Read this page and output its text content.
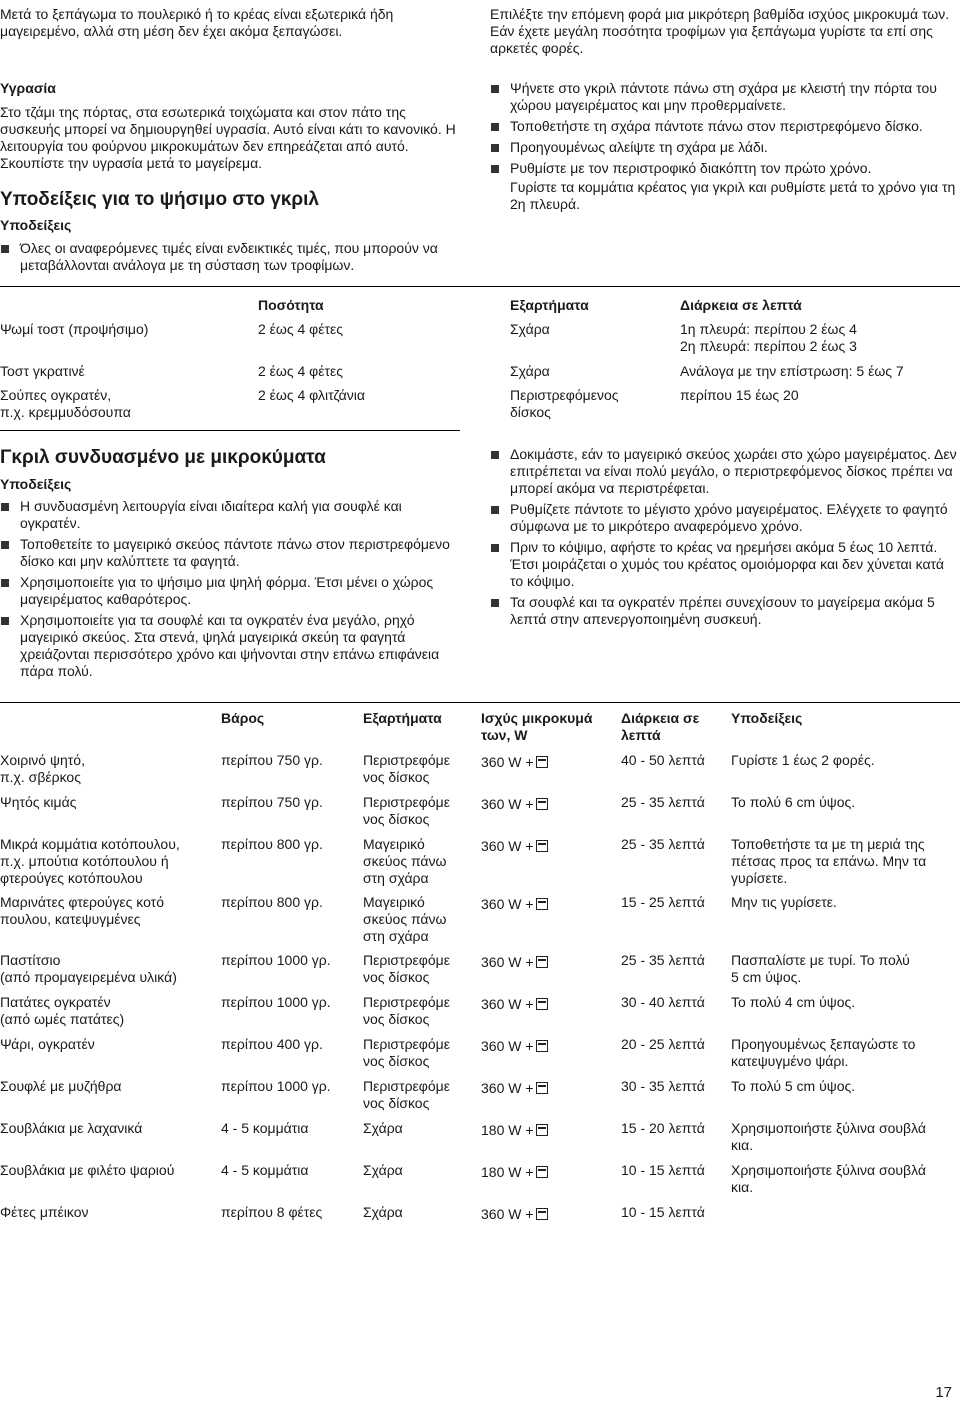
Μετά το ξεπάγωμα το πουλερικό ή το κρέας είναι εξωτερικά ήδη μαγειρεμένο, αλλά στη μέση δεν έχει ακόμα ξεπαγώσει.

Επιλέξτε την επόμενη φορά μια μικρότερη βαθμίδα ισχύος μικροκυμά των. Εάν έχετε μεγάλη ποσότητα τροφίμων για ξεπάγωμα γυρίστε τα επί σης αρκετές φορές.

Υγρασία

Στο τζάμι της πόρτας, στα εσωτερικά τοιχώματα και στον πάτο της συσκευής μπορεί να δημιουργηθεί υγρασία. Αυτό είναι κάτι το κανονικό. Η λειτουργία του φούρνου μικροκυμάτων δεν επηρεάζεται από αυτό. Σκουπίστε την υγρασία μετά το μαγείρεμα.

Υποδείξεις για το ψήσιμο στο γκριλ

Υποδείξεις

Όλες οι αναφερόμενες τιμές είναι ενδεικτικές τιμές, που μπορούν να μεταβάλλονται ανάλογα με τη σύσταση των τροφίμων.
Ψήνετε στο γκριλ πάντοτε πάνω στη σχάρα με κλειστή την πόρτα του χώρου μαγειρέματος και μην προθερμαίνετε.
Τοποθετήστε τη σχάρα πάντοτε πάνω στον περιστρεφόμενο δίσκο.
Προηγουμένως αλείψτε τη σχάρα με λάδι.
Ρυθμίστε με τον περιστροφικό διακόπτη τον πρώτο χρόνο.

Γυρίστε τα κομμάτια κρέατος για γκριλ και ρυθμίστε μετά το χρόνο για τη 2η πλευρά.

	Ποσότητα	Εξαρτήματα	Διάρκεια σε λεπτά
Ψωμί τοστ (προψήσιμο)	2 έως 4 φέτες	Σχάρα	1η πλευρά: περίπου 2 έως 4
2η πλευρά: περίπου 2 έως 3
Τοστ γκρατινέ	2 έως 4 φέτες	Σχάρα	Ανάλογα με την επίστρωση: 5 έως 7
Σούπες ογκρατέν,
π.χ. κρεμμυδόσουπα	2 έως 4 φλιτζάνια	Περιστρεφόμενος
δίσκος	περίπου 15 έως 20

Γκριλ συνδυασμένο με μικροκύματα

Υποδείξεις

Η συνδυασμένη λειτουργία είναι ιδιαίτερα καλή για σουφλέ και ογκρατέν.
Τοποθετείτε το μαγειρικό σκεύος πάντοτε πάνω στον περιστρεφόμενο δίσκο και μην καλύπτετε τα φαγητά.
Χρησιμοποιείτε για το ψήσιμο μια ψηλή φόρμα. Έτσι μένει ο χώρος μαγειρέματος καθαρότερος.
Χρησιμοποιείτε για τα σουφλέ και τα ογκρατέν ένα μεγάλο, ρηχό μαγειρικό σκεύος. Στα στενά, ψηλά μαγειρικά σκεύη τα φαγητά χρειάζονται περισσότερο χρόνο και ψήνονται στην επάνω επιφάνεια πάρα πολύ.
Δοκιμάστε, εάν το μαγειρικό σκεύος χωράει στο χώρο μαγειρέματος. Δεν επιτρέπεται να είναι πολύ μεγάλο, ο περιστρεφόμενος δίσκος πρέπει να μπορεί ακόμα να περιστρέφεται.
Ρυθμίζετε πάντοτε το μέγιστο χρόνο μαγειρέματος. Ελέγχετε το φαγητό σύμφωνα με το μικρότερο αναφερόμενο χρόνο.
Πριν το κόψιμο, αφήστε το κρέας να ηρεμήσει ακόμα 5 έως 10 λεπτά. Έτσι μοιράζεται ο χυμός του κρέατος ομοιόμορφα και δεν χύνεται κατά το κόψιμο.
Τα σουφλέ και τα ογκρατέν πρέπει συνεχίσουν το μαγείρεμα ακόμα 5 λεπτά στην απενεργοποιημένη συσκευή.
	Βάρος	Εξαρτήματα	Ισχύς μικροκυμά των, W	Διάρκεια σε λεπτά	Υποδείξεις
Χοιρινό ψητό,
π.χ. σβέρκος	περίπου 750 γρ.	Περιστρεφόμε
νος δίσκος	360 W +	40 - 50 λεπτά	Γυρίστε 1 έως 2 φορές.
Ψητός κιμάς	περίπου 750 γρ.	Περιστρεφόμε
νος δίσκος	360 W +	25 - 35 λεπτά	Το πολύ 6 cm ύψος.
Μικρά κομμάτια κοτόπουλου,
π.χ. μπούτια κοτόπουλου ή
φτερούγες κοτόπουλου	περίπου 800 γρ.	Μαγειρικό
σκεύος πάνω
στη σχάρα	360 W +	25 - 35 λεπτά	Τοποθετήστε τα με τη μεριά της
πέτσας προς τα επάνω. Μην τα
γυρίσετε.
Μαρινάτες φτερούγες κοτό
πουλου, κατεψυγμένες	περίπου 800 γρ.	Μαγειρικό
σκεύος πάνω
στη σχάρα	360 W +	15 - 25 λεπτά	Μην τις γυρίσετε.
Παστίτσιο
(από προμαγειρεμένα υλικά)	περίπου 1000 γρ.	Περιστρεφόμε
νος δίσκος	360 W +	25 - 35 λεπτά	Πασπαλίστε με τυρί. Το πολύ
5 cm ύψος.
Πατάτες ογκρατέν
(από ωμές πατάτες)	περίπου 1000 γρ.	Περιστρεφόμε
νος δίσκος	360 W +	30 - 40 λεπτά	Το πολύ 4 cm ύψος.
Ψάρι, ογκρατέν	περίπου 400 γρ.	Περιστρεφόμε
νος δίσκος	360 W +	20 - 25 λεπτά	Προηγουμένως ξεπαγώστε το
κατεψυγμένο ψάρι.
Σουφλέ με μυζήθρα	περίπου 1000 γρ.	Περιστρεφόμε
νος δίσκος	360 W +	30 - 35 λεπτά	Το πολύ 5 cm ύψος.
Σουβλάκια με λαχανικά	4 - 5 κομμάτια	Σχάρα	180 W +	15 - 20 λεπτά	Χρησιμοποιήστε ξύλινα σουβλά
κια.
Σουβλάκια με φιλέτο ψαριού	4 - 5 κομμάτια	Σχάρα	180 W +	10 - 15 λεπτά	Χρησιμοποιήστε ξύλινα σουβλά
κια.
Φέτες μπέικον	περίπου 8 φέτες	Σχάρα	360 W +	10 - 15 λεπτά	
17
